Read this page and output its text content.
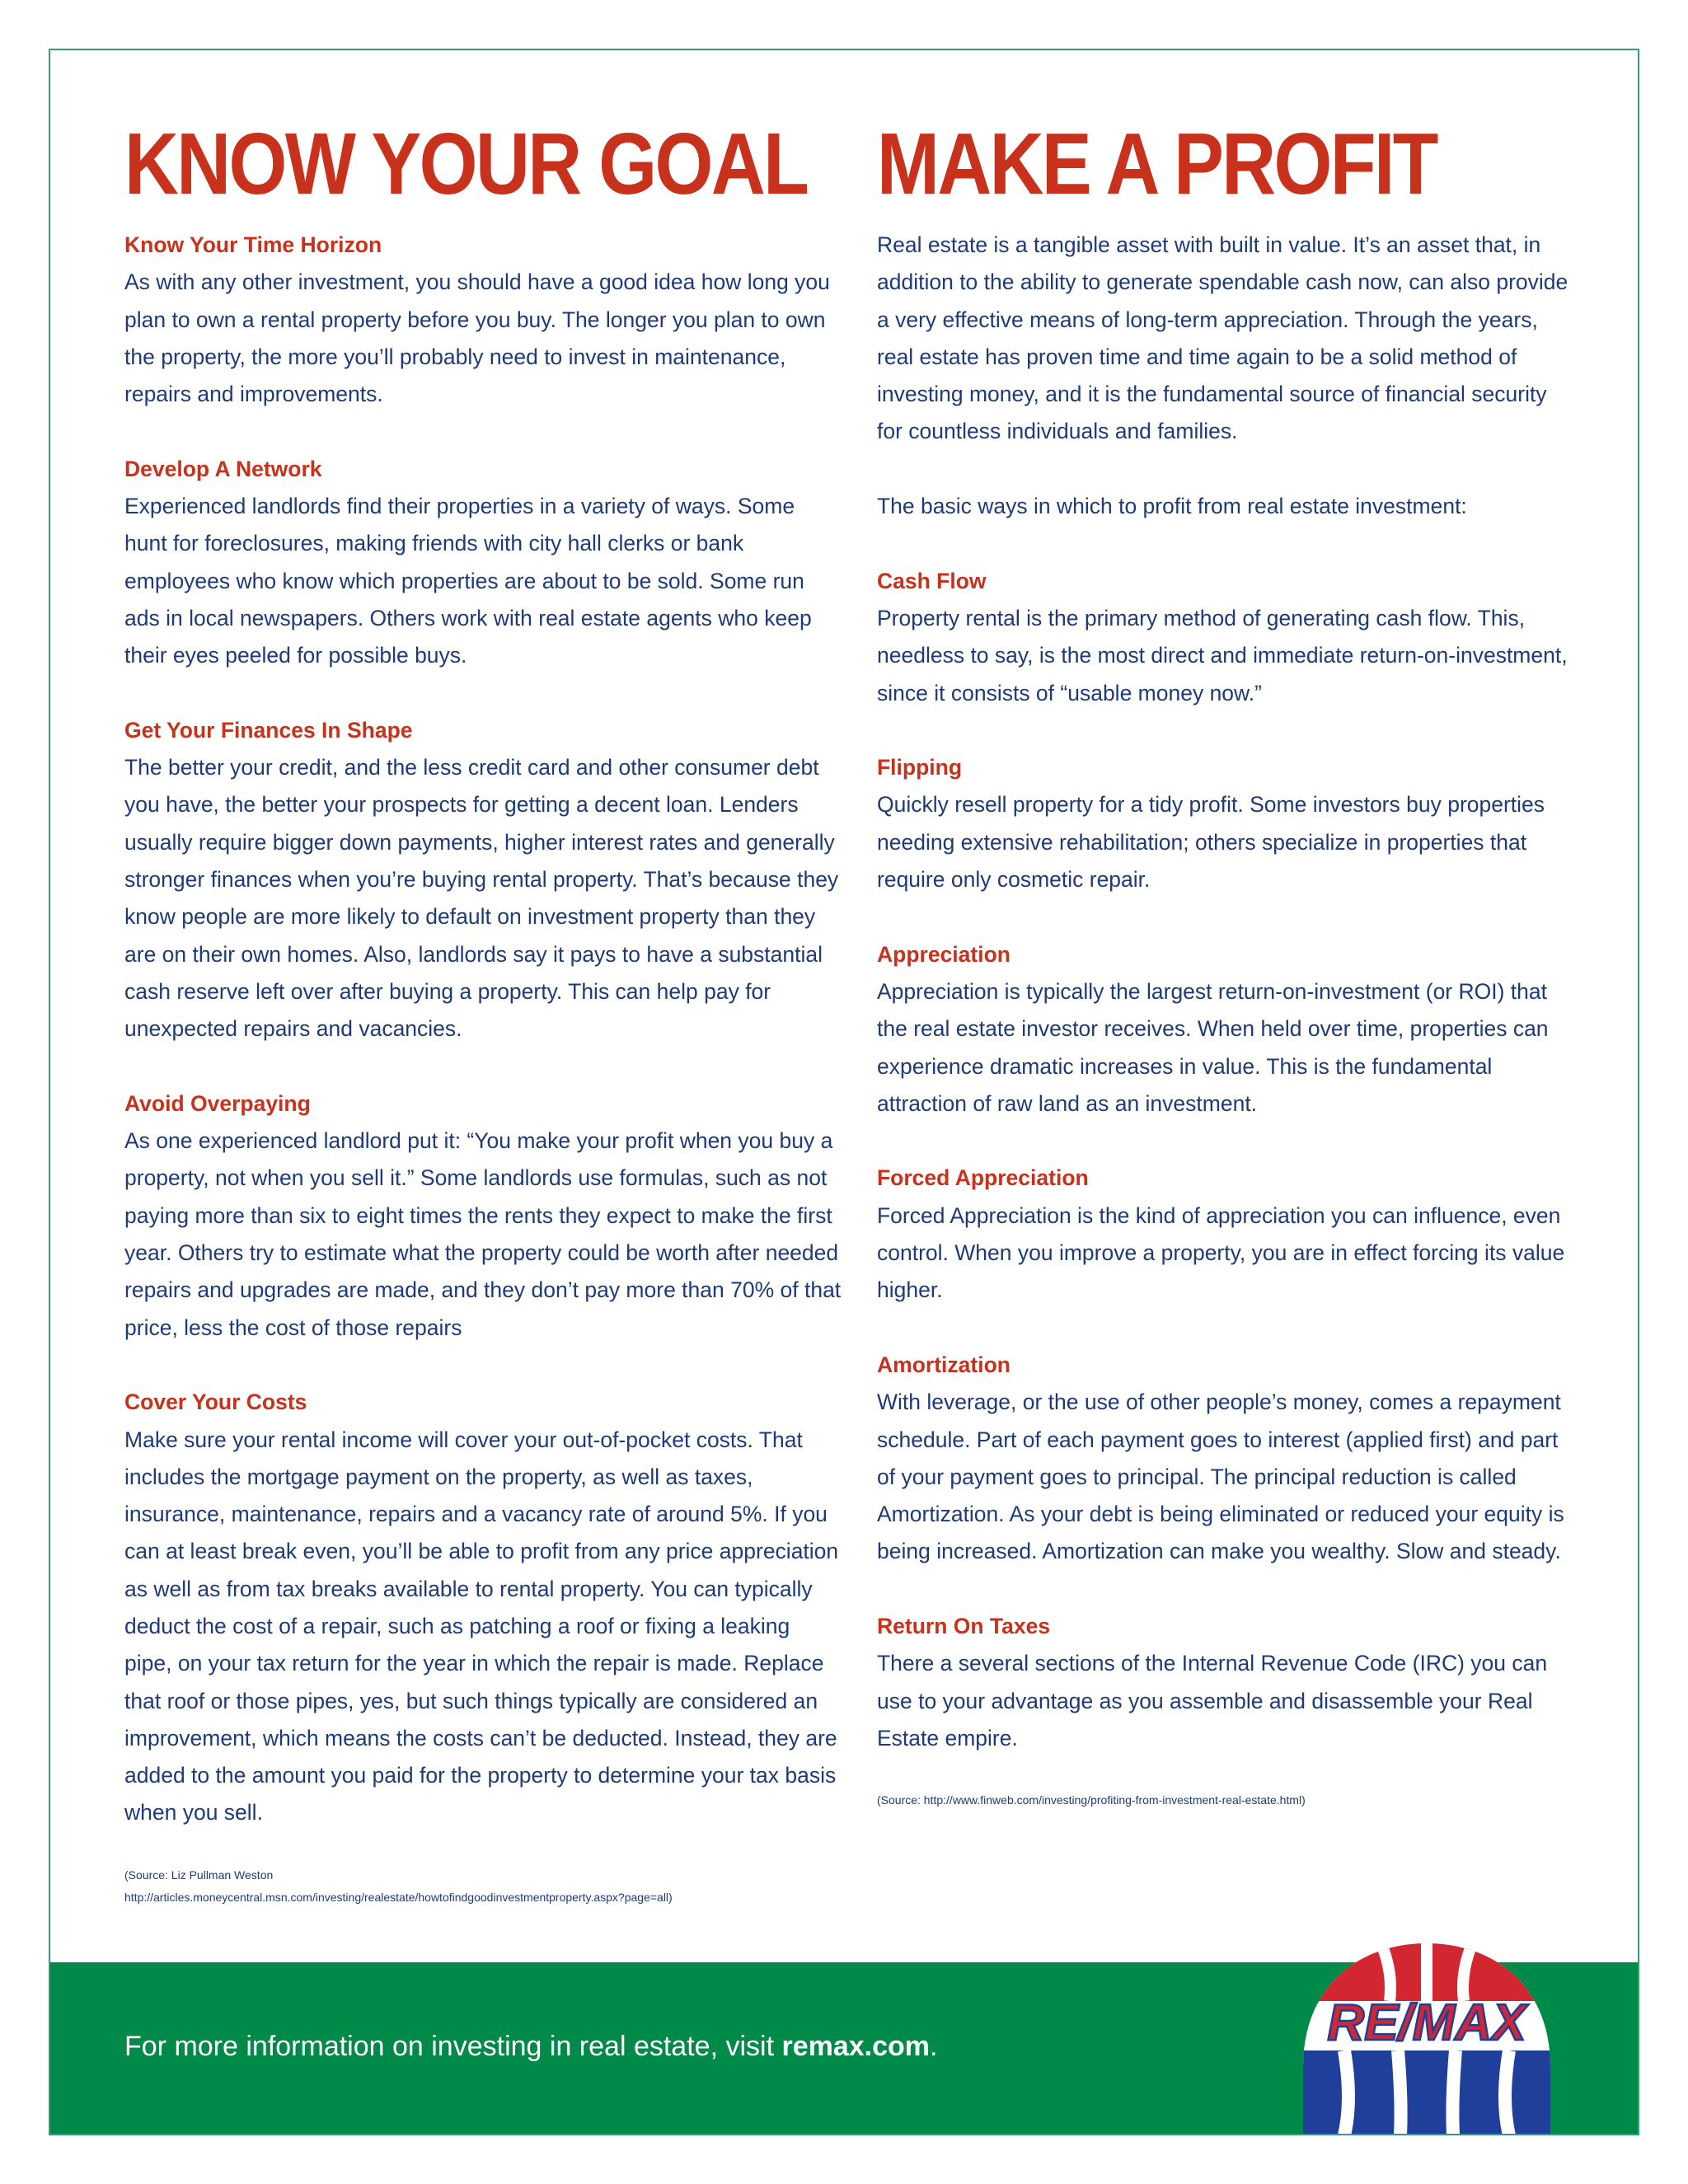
KNOW YOUR GOAL
Know Your Time Horizon

As with any other investment, you should have a good idea how long you plan to own a rental property before you buy. The longer you plan to own the property, the more you’ll probably need to invest in maintenance, repairs and improvements.

Develop A Network

Experienced landlords find their properties in a variety of ways. Some hunt for foreclosures, making friends with city hall clerks or bank employees who know which properties are about to be sold. Some run ads in local newspapers. Others work with real estate agents who keep their eyes peeled for possible buys.

Get Your Finances In Shape

The better your credit, and the less credit card and other consumer debt you have, the better your prospects for getting a decent loan. Lenders usually require bigger down payments, higher interest rates and generally stronger finances when you’re buying rental property. That’s because they know people are more likely to default on investment property than they are on their own homes. Also, landlords say it pays to have a substantial cash reserve left over after buying a property. This can help pay for unexpected repairs and vacancies.

Avoid Overpaying

As one experienced landlord put it: “You make your profit when you buy a property, not when you sell it.” Some landlords use formulas, such as not paying more than six to eight times the rents they expect to make the first year. Others try to estimate what the property could be worth after needed repairs and upgrades are made, and they don’t pay more than 70% of that price, less the cost of those repairs

Cover Your Costs

Make sure your rental income will cover your out-of-pocket costs. That includes the mortgage payment on the property, as well as taxes, insurance, maintenance, repairs and a vacancy rate of around 5%. If you can at least break even, you’ll be able to profit from any price appreciation as well as from tax breaks available to rental property. You can typically deduct the cost of a repair, such as patching a roof or fixing a leaking pipe, on your tax return for the year in which the repair is made. Replace that roof or those pipes, yes, but such things typically are considered an improvement, which means the costs can’t be deducted. Instead, they are added to the amount you paid for the property to determine your tax basis when you sell.

(Source: Liz Pullman Weston
http://articles.moneycentral.msn.com/investing/realestate/howtofindgoodinvestmentproperty.aspx?page=all)
MAKE A PROFIT

Real estate is a tangible asset with built in value. It’s an asset that, in addition to the ability to generate spendable cash now, can also provide a very effective means of long-term appreciation. Through the years, real estate has proven time and time again to be a solid method of investing money, and it is the fundamental source of financial security for countless individuals and families.

The basic ways in which to profit from real estate investment:

Cash Flow

Property rental is the primary method of generating cash flow. This, needless to say, is the most direct and immediate return-on-investment, since it consists of “usable money now.”

Flipping

Quickly resell property for a tidy profit. Some investors buy properties needing extensive rehabilitation; others specialize in properties that require only cosmetic repair.

Appreciation

Appreciation is typically the largest return-on-investment (or ROI) that the real estate investor receives. When held over time, properties can experience dramatic increases in value. This is the fundamental attraction of raw land as an investment.

Forced Appreciation

Forced Appreciation is the kind of appreciation you can influence, even control. When you improve a property, you are in effect forcing its value higher.

Amortization

With leverage, or the use of other people’s money, comes a repayment schedule. Part of each payment goes to interest (applied first) and part of your payment goes to principal. The principal reduction is called Amortization. As your debt is being eliminated or reduced your equity is being increased. Amortization can make you wealthy. Slow and steady.

Return On Taxes

There a several sections of the Internal Revenue Code (IRC) you can use to your advantage as you assemble and disassemble your Real Estate empire.

(Source: http://www.finweb.com/investing/profiting-from-investment-real-estate.html)
For more information on investing in real estate, visit remax.com.	RE/MAX
